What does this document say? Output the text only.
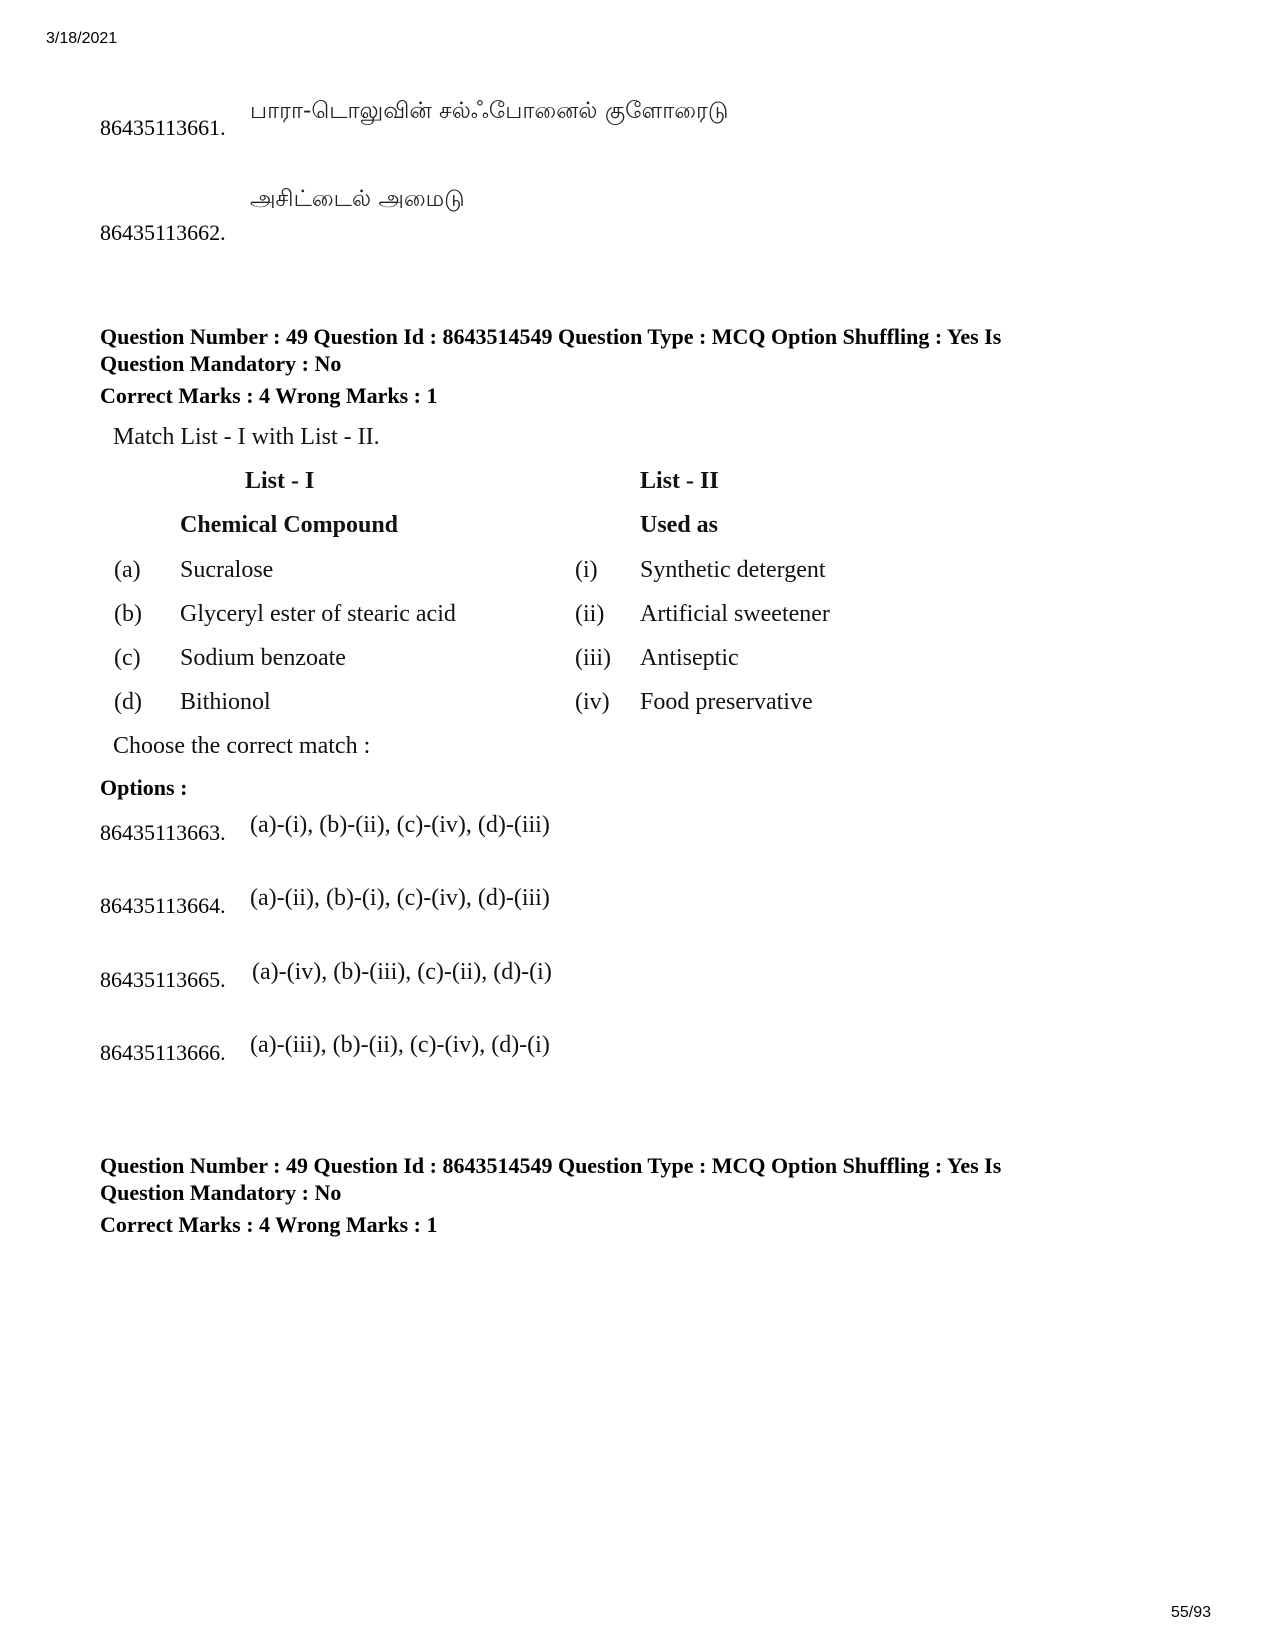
3/18/2021
55/93
86435113661.
பாரா-டொலுவின் சல்ஃபோனைல் குளோரைடு
86435113662.
அசிட்டைல் அமைடு
Question Number : 49 Question Id : 8643514549 Question Type : MCQ Option Shuffling : Yes Is
Question Mandatory : No
Correct Marks : 4 Wrong Marks : 1
Match List - I with List - II.
List - I	List - II
Chemical Compound	Used as
(a) Sucralose	(i) Synthetic detergent
(b) Glyceryl ester of stearic acid	(ii) Artificial sweetener
(c) Sodium benzoate	(iii) Antiseptic
(d) Bithionol	(iv) Food preservative
Choose the correct match :
Options :
86435113663. (a)-(i), (b)-(ii), (c)-(iv), (d)-(iii)
86435113664. (a)-(ii), (b)-(i), (c)-(iv), (d)-(iii)
86435113665. (a)-(iv), (b)-(iii), (c)-(ii), (d)-(i)
86435113666. (a)-(iii), (b)-(ii), (c)-(iv), (d)-(i)
Question Number : 49 Question Id : 8643514549 Question Type : MCQ Option Shuffling : Yes Is
Question Mandatory : No
Correct Marks : 4 Wrong Marks : 1
